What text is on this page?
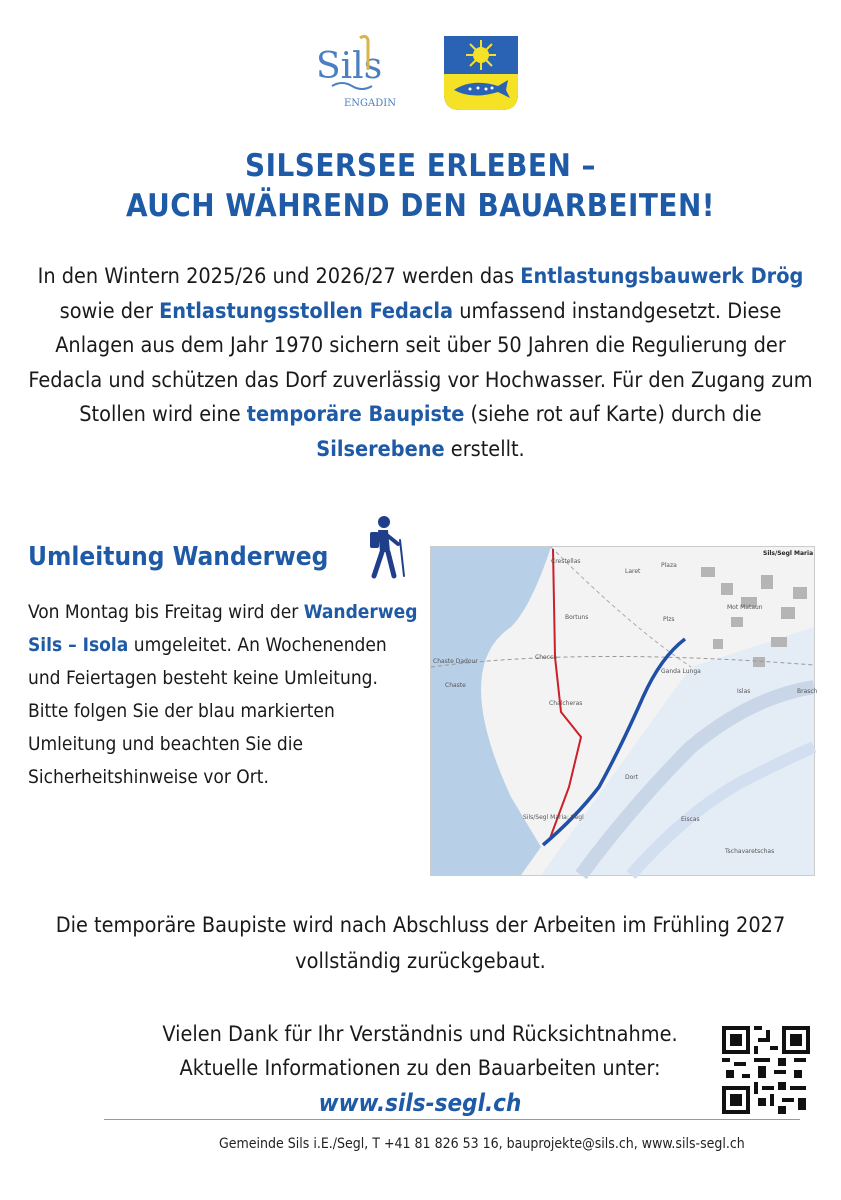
Sils
ENGADIN
SILSERSEE ERLEBEN –
AUCH WÄHREND DEN BAUARBEITEN!
In den Wintern 2025/26 und 2026/27 werden das Entlastungsbauwerk Drög sowie der Entlastungsstollen Fedacla umfassend instandgesetzt. Diese Anlagen aus dem Jahr 1970 sichern seit über 50 Jahren die Regulierung der Fedacla und schützen das Dorf zuverlässig vor Hochwasser. Für den Zugang zum Stollen wird eine temporäre Baupiste (siehe rot auf Karte) durch die Silserebene erstellt.
Umleitung Wanderweg
Von Montag bis Freitag wird der Wanderweg Sils – Isola umgeleitet. An Wochenenden und Feiertagen besteht keine Umleitung. Bitte folgen Sie der blau markierten Umleitung und beachten Sie die Sicherheitshinweise vor Ort.
Crestellas
Sils/Segl Maria
Laret
Plaza
Bortuns	Plzs
Mot Mataun
Chaste Dadour
Chaste
Chocca
Islas	Brasch
Chalcheras
Ganda Lunga
Dort
Sils/Segl Maria: Segl	Eiscas
Tschavaretschas
Die temporäre Baupiste wird nach Abschluss der Arbeiten im Frühling 2027
vollständig zurückgebaut.
Vielen Dank für Ihr Verständnis und Rücksichtnahme.
Aktuelle Informationen zu den Bauarbeiten unter:
www.sils-segl.ch
Gemeinde Sils i.E./Segl, T +41 81 826 53 16, bauprojekte@sils.ch, www.sils-segl.ch
